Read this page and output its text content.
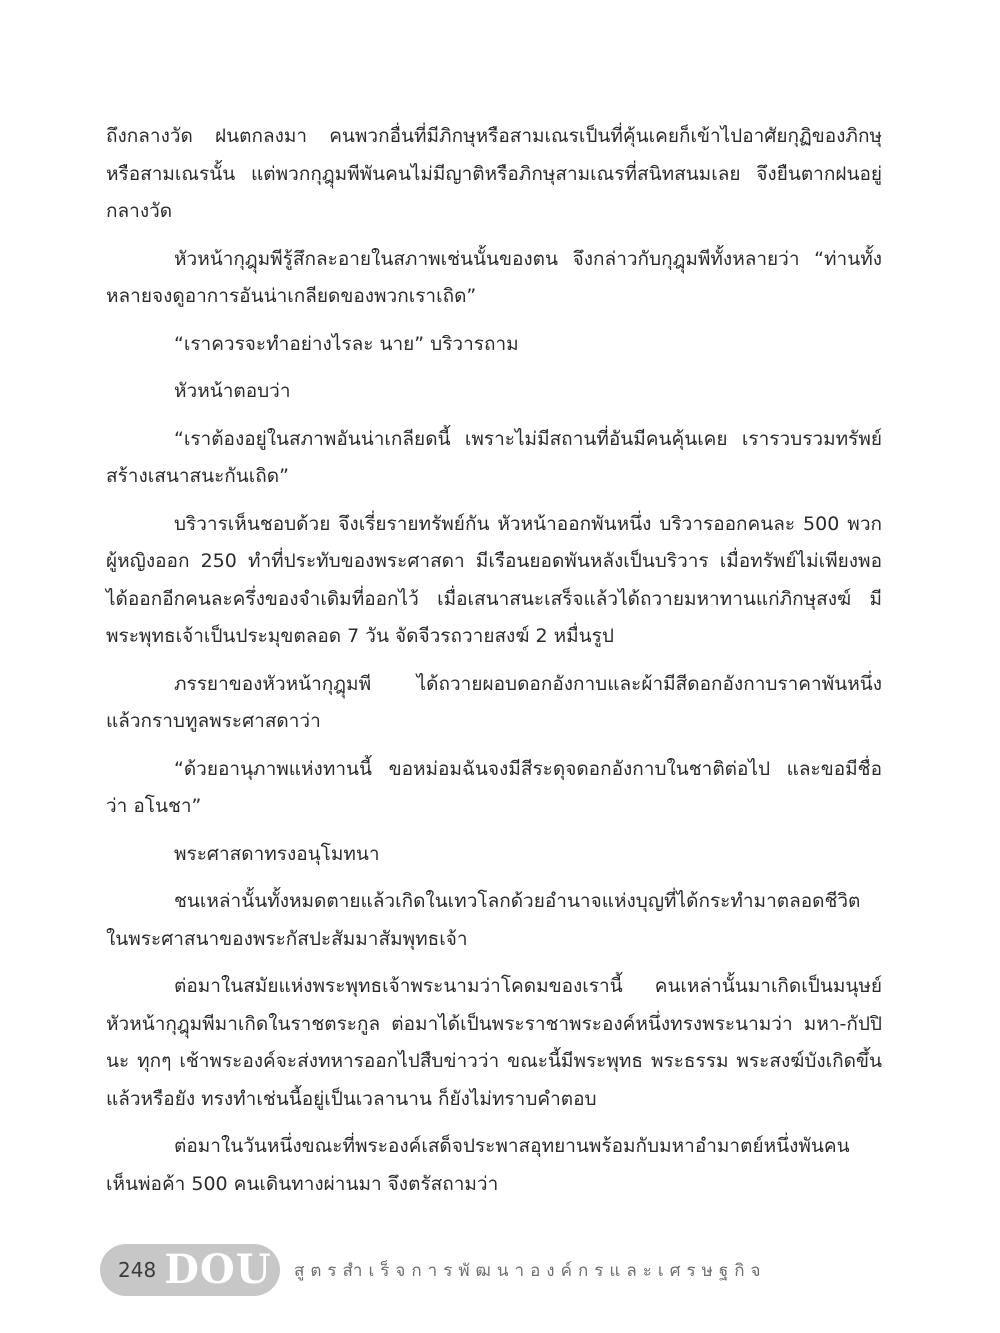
ถึงกลางวัด ฝนตกลงมา คนพวกอื่นที่มีภิกษุหรือสามเณรเป็นที่คุ้นเคยก็เข้าไปอาศัยกุฏิของภิกษุหรือสามเณรนั้น แต่พวกกุฎุมพีพันคนไม่มีญาติหรือภิกษุสามเณรที่สนิทสนมเลย จึงยืนตากฝนอยู่กลางวัด

หัวหน้ากุฎุมพีรู้สึกละอายในสภาพเช่นนั้นของตน จึงกล่าวกับกุฎุมพีทั้งหลายว่า “ท่านทั้งหลายจงดูอาการอันน่าเกลียดของพวกเราเถิด”

“เราควรจะทำอย่างไรละ นาย” บริวารถาม

หัวหน้าตอบว่า

“เราต้องอยู่ในสภาพอันน่าเกลียดนี้ เพราะไม่มีสถานที่อันมีคนคุ้นเคย เรารวบรวมทรัพย์สร้างเสนาสนะกันเถิด”

บริวารเห็นชอบด้วย จึงเรี่ยรายทรัพย์กัน หัวหน้าออกพันหนึ่ง บริวารออกคนละ 500 พวกผู้หญิงออก 250 ทำที่ประทับของพระศาสดา มีเรือนยอดพันหลังเป็นบริวาร เมื่อทรัพย์ไม่เพียงพอ ได้ออกอีกคนละครึ่งของจำเดิมที่ออกไว้ เมื่อเสนาสนะเสร็จแล้วได้ถวายมหาทานแก่ภิกษุสงฆ์ มีพระพุทธเจ้าเป็นประมุขตลอด 7 วัน จัดจีวรถวายสงฆ์ 2 หมื่นรูป

ภรรยาของหัวหน้ากุฎุมพี ได้ถวายผอบดอกอังกาบและผ้ามีสีดอกอังกาบราคาพันหนึ่ง แล้วกราบทูลพระศาสดาว่า

“ด้วยอานุภาพแห่งทานนี้ ขอหม่อมฉันจงมีสีระดุจดอกอังกาบในชาติต่อไป และขอมีชื่อว่า อโนชา”

พระศาสดาทรงอนุโมทนา

ชนเหล่านั้นทั้งหมดตายแล้วเกิดในเทวโลกด้วยอำนาจแห่งบุญที่ได้กระทำมาตลอดชีวิตในพระศาสนาของพระกัสปะสัมมาสัมพุทธเจ้า

ต่อมาในสมัยแห่งพระพุทธเจ้าพระนามว่าโคดมของเรานี้ คนเหล่านั้นมาเกิดเป็นมนุษย์ หัวหน้ากุฎุมพีมาเกิดในราชตระกูล ต่อมาได้เป็นพระราชาพระองค์หนึ่งทรงพระนามว่า มหา-กัปปินะ ทุกๆ เช้าพระองค์จะส่งทหารออกไปสืบข่าวว่า ขณะนี้มีพระพุทธ พระธรรม พระสงฆ์บังเกิดขึ้นแล้วหรือยัง ทรงทำเช่นนี้อยู่เป็นเวลานาน ก็ยังไม่ทราบคำตอบ

ต่อมาในวันหนึ่งขณะที่พระองค์เสด็จประพาสอุทยานพร้อมกับมหาอำมาตย์หนึ่งพันคน เห็นพ่อค้า 500 คนเดินทางผ่านมา จึงตรัสถามว่า

248 DOU สูตรสำเร็จการพัฒนาองค์กรและเศรษฐกิจ
